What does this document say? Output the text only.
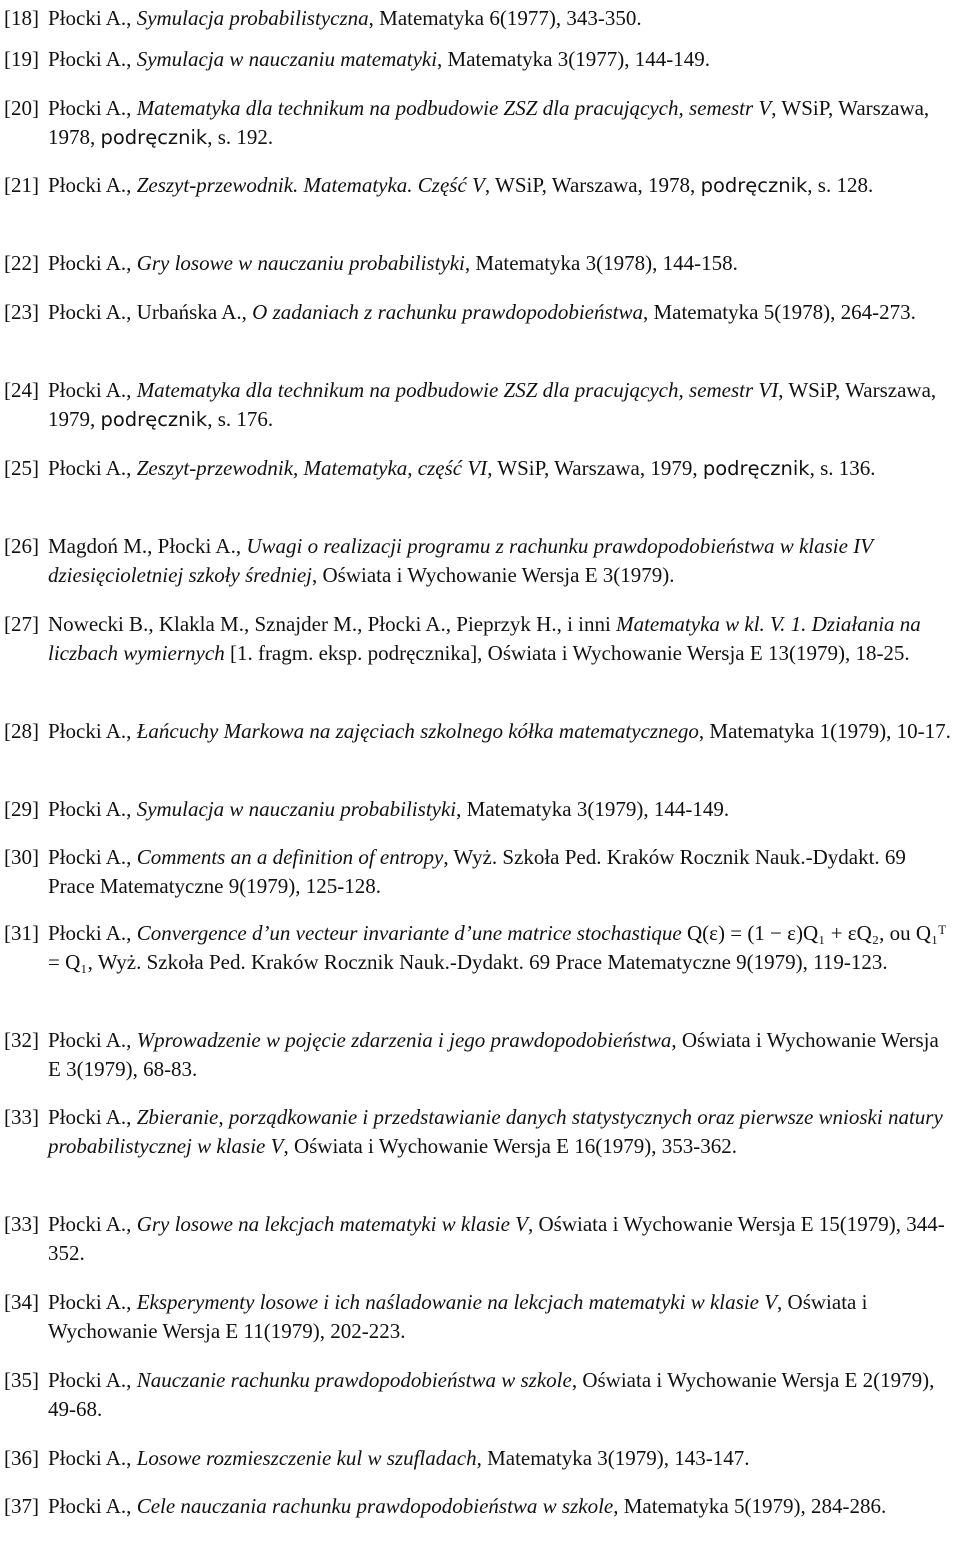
[18] Płocki A., Symulacja probabilistyczna, Matematyka 6(1977), 343-350.
[19] Płocki A., Symulacja w nauczaniu matematyki, Matematyka 3(1977), 144-149.
[20] Płocki A., Matematyka dla technikum na podbudowie ZSZ dla pracujących, semestr V, WSiP, Warszawa, 1978, podręcznik, s. 192.
[21] Płocki A., Zeszyt-przewodnik. Matematyka. Część V, WSiP, Warszawa, 1978, podręcznik, s. 128.
[22] Płocki A., Gry losowe w nauczaniu probabilistyki, Matematyka 3(1978), 144-158.
[23] Płocki A., Urbańska A., O zadaniach z rachunku prawdopodobieństwa, Matematyka 5(1978), 264-273.
[24] Płocki A., Matematyka dla technikum na podbudowie ZSZ dla pracujących, semestr VI, WSiP, Warszawa, 1979, podręcznik, s. 176.
[25] Płocki A., Zeszyt-przewodnik, Matematyka, część VI, WSiP, Warszawa, 1979, podręcznik, s. 136.
[26] Magdoń M., Płocki A., Uwagi o realizacji programu z rachunku prawdopodobieństwa w klasie IV dziesięcioletniej szkoły średniej, Oświata i Wychowanie Wersja E 3(1979).
[27] Nowecki B., Klakla M., Sznajder M., Płocki A., Pieprzyk H., i inni Matematyka w kl. V. 1. Działania na liczbach wymiernych [1. fragm. eksp. podręcznika], Oświata i Wychowanie Wersja E 13(1979), 18-25.
[28] Płocki A., Łańcuchy Markowa na zajęciach szkolnego kółka matematycznego, Matematyka 1(1979), 10-17.
[29] Płocki A., Symulacja w nauczaniu probabilistyki, Matematyka 3(1979), 144-149.
[30] Płocki A., Comments an a definition of entropy, Wyż. Szkoła Ped. Kraków Rocznik Nauk.-Dydakt. 69 Prace Matematyczne 9(1979), 125-128.
[31] Płocki A., Convergence d’un vecteur invariante d’une matrice stochastique Q(ε) = (1 − ε)Q₁ + εQ₂, ou Q₁ᵀ = Q₁, Wyż. Szkoła Ped. Kraków Rocznik Nauk.-Dydakt. 69 Prace Matematyczne 9(1979), 119-123.
[32] Płocki A., Wprowadzenie w pojęcie zdarzenia i jego prawdopodobieństwa, Oświata i Wychowanie Wersja E 3(1979), 68-83.
[33] Płocki A., Zbieranie, porządkowanie i przedstawianie danych statystycznych oraz pierwsze wnioski natury probabilistycznej w klasie V, Oświata i Wychowanie Wersja E 16(1979), 353-362.
[33] Płocki A., Gry losowe na lekcjach matematyki w klasie V, Oświata i Wychowanie Wersja E 15(1979), 344-352.
[34] Płocki A., Eksperymenty losowe i ich naśladowanie na lekcjach matematyki w klasie V, Oświata i Wychowanie Wersja E 11(1979), 202-223.
[35] Płocki A., Nauczanie rachunku prawdopodobieństwa w szkole, Oświata i Wychowanie Wersja E 2(1979), 49-68.
[36] Płocki A., Losowe rozmieszczenie kul w szufladach, Matematyka 3(1979), 143-147.
[37] Płocki A., Cele nauczania rachunku prawdopodobieństwa w szkole, Matematyka 5(1979), 284-286.
